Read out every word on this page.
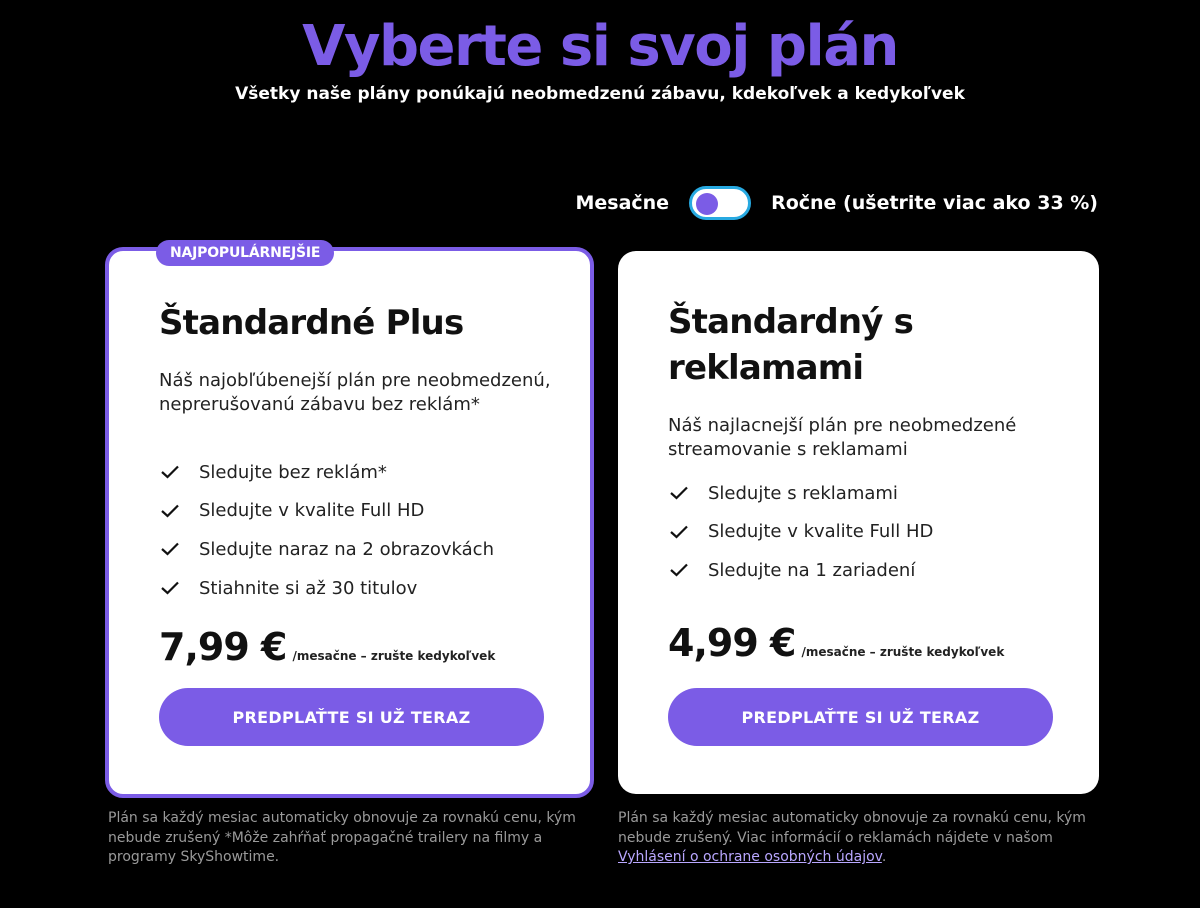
Vyberte si svoj plán
Všetky naše plány ponúkajú neobmedzenú zábavu, kdekoľvek a kedykoľvek
Mesačne	Ročne (ušetrite viac ako 33 %)
Štandardné Plus
Náš najobľúbenejší plán pre neobmedzenú, neprerušovanú zábavu bez reklám*
Sledujte bez reklám*
Sledujte v kvalite Full HD
Sledujte naraz na 2 obrazovkách
Stiahnite si až 30 titulov
7,99 € /mesačne – zrušte kedykoľvek
PREDPLAŤTE SI UŽ TERAZ
NAJPOPULÁRNEJŠIE
Štandardný s reklamami
Náš najlacnejší plán pre neobmedzené streamovanie s reklamami
Sledujte s reklamami
Sledujte v kvalite Full HD
Sledujte na 1 zariadení
4,99 € /mesačne – zrušte kedykoľvek
PREDPLAŤTE SI UŽ TERAZ
Plán sa každý mesiac automaticky obnovuje za rovnakú cenu, kým nebude zrušený *Môže zahŕňať propagačné trailery na filmy a programy SkyShowtime.
Plán sa každý mesiac automaticky obnovuje za rovnakú cenu, kým nebude zrušený. Viac informácií o reklamách nájdete v našom Vyhlásení o ochrane osobných údajov.
